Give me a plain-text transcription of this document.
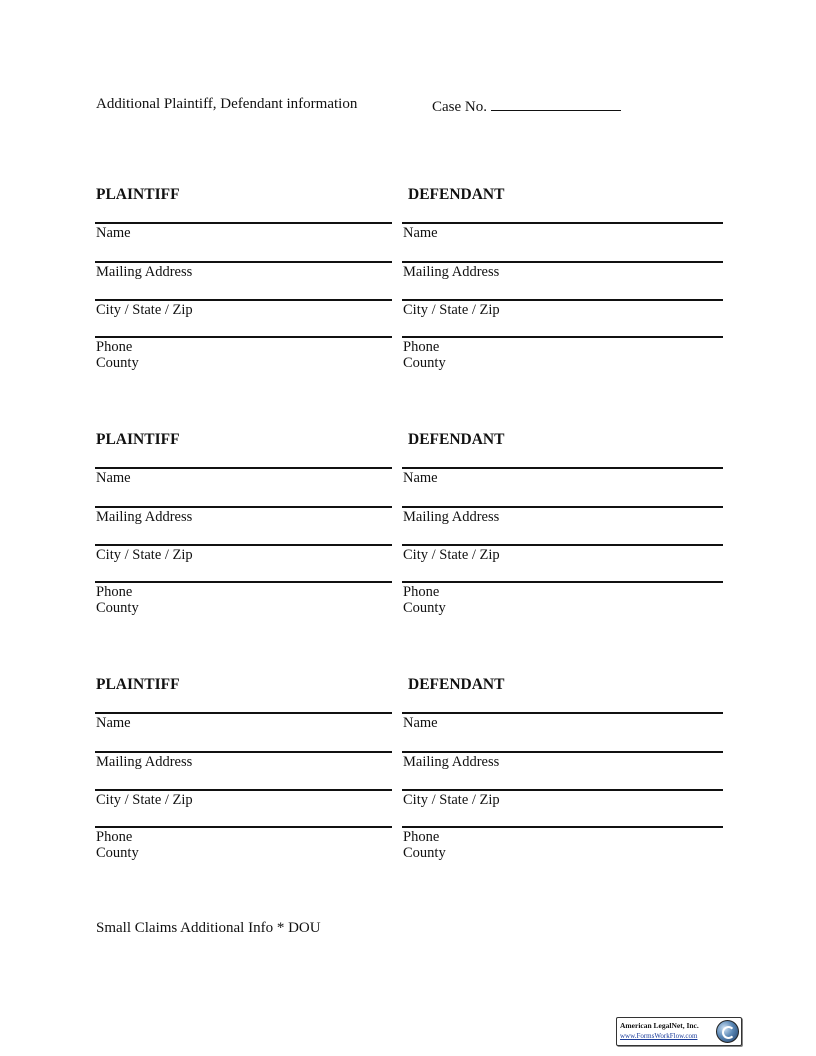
Additional Plaintiff, Defendant information	Case No.
PLAINTIFF
Name
Mailing Address
City / State / Zip
Phone
County
DEFENDANT
Name
Mailing Address
City / State / Zip
Phone
County
PLAINTIFF
Name
Mailing Address
City / State / Zip
Phone
County
DEFENDANT
Name
Mailing Address
City / State / Zip
Phone
County
PLAINTIFF
Name
Mailing Address
City / State / Zip
Phone
County
DEFENDANT
Name
Mailing Address
City / State / Zip
Phone
County
Small Claims Additional Info * DOU
American LegalNet, Inc.
www.FormsWorkFlow.com
